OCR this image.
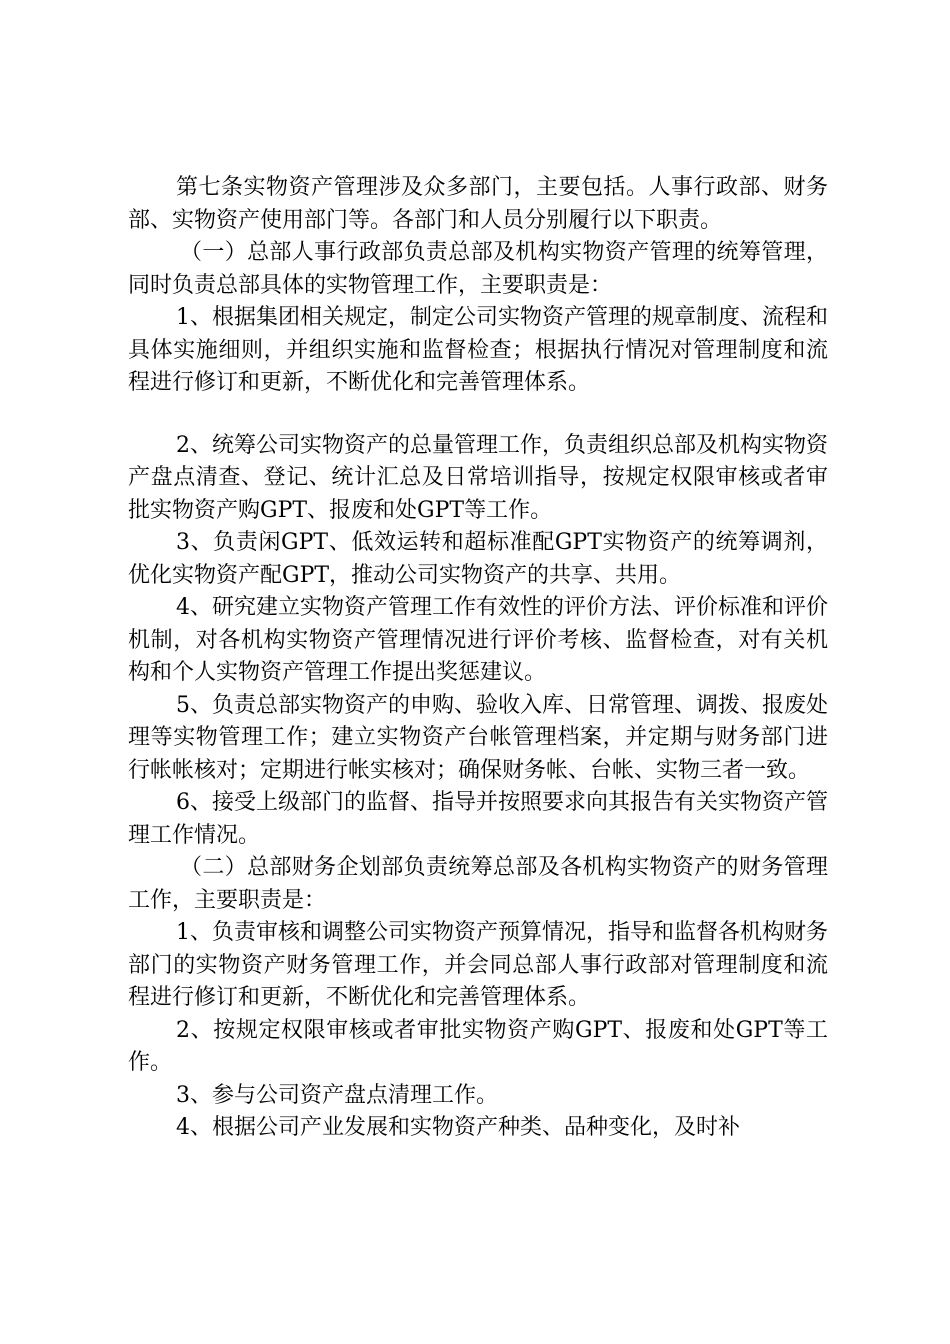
第七条实物资产管理涉及众多部门，主要包括。人事行政部、财务部、实物资产使用部门等。各部门和人员分别履行以下职责。

（一）总部人事行政部负责总部及机构实物资产管理的统筹管理，同时负责总部具体的实物管理工作，主要职责是：

1、根据集团相关规定，制定公司实物资产管理的规章制度、流程和具体实施细则，并组织实施和监督检查；根据执行情况对管理制度和流程进行修订和更新，不断优化和完善管理体系。

2、统筹公司实物资产的总量管理工作，负责组织总部及机构实物资产盘点清查、登记、统计汇总及日常培训指导，按规定权限审核或者审批实物资产购GPT、报废和处GPT等工作。

3、负责闲GPT、低效运转和超标准配GPT实物资产的统筹调剂，优化实物资产配GPT，推动公司实物资产的共享、共用。

4、研究建立实物资产管理工作有效性的评价方法、评价标准和评价机制，对各机构实物资产管理情况进行评价考核、监督检查，对有关机构和个人实物资产管理工作提出奖惩建议。

5、负责总部实物资产的申购、验收入库、日常管理、调拨、报废处理等实物管理工作；建立实物资产台帐管理档案，并定期与财务部门进行帐帐核对；定期进行帐实核对；确保财务帐、台帐、实物三者一致。

6、接受上级部门的监督、指导并按照要求向其报告有关实物资产管理工作情况。

（二）总部财务企划部负责统筹总部及各机构实物资产的财务管理工作，主要职责是：

1、负责审核和调整公司实物资产预算情况，指导和监督各机构财务部门的实物资产财务管理工作，并会同总部人事行政部对管理制度和流程进行修订和更新，不断优化和完善管理体系。

2、按规定权限审核或者审批实物资产购GPT、报废和处GPT等工作。

3、参与公司资产盘点清理工作。

4、根据公司产业发展和实物资产种类、品种变化，及时补
